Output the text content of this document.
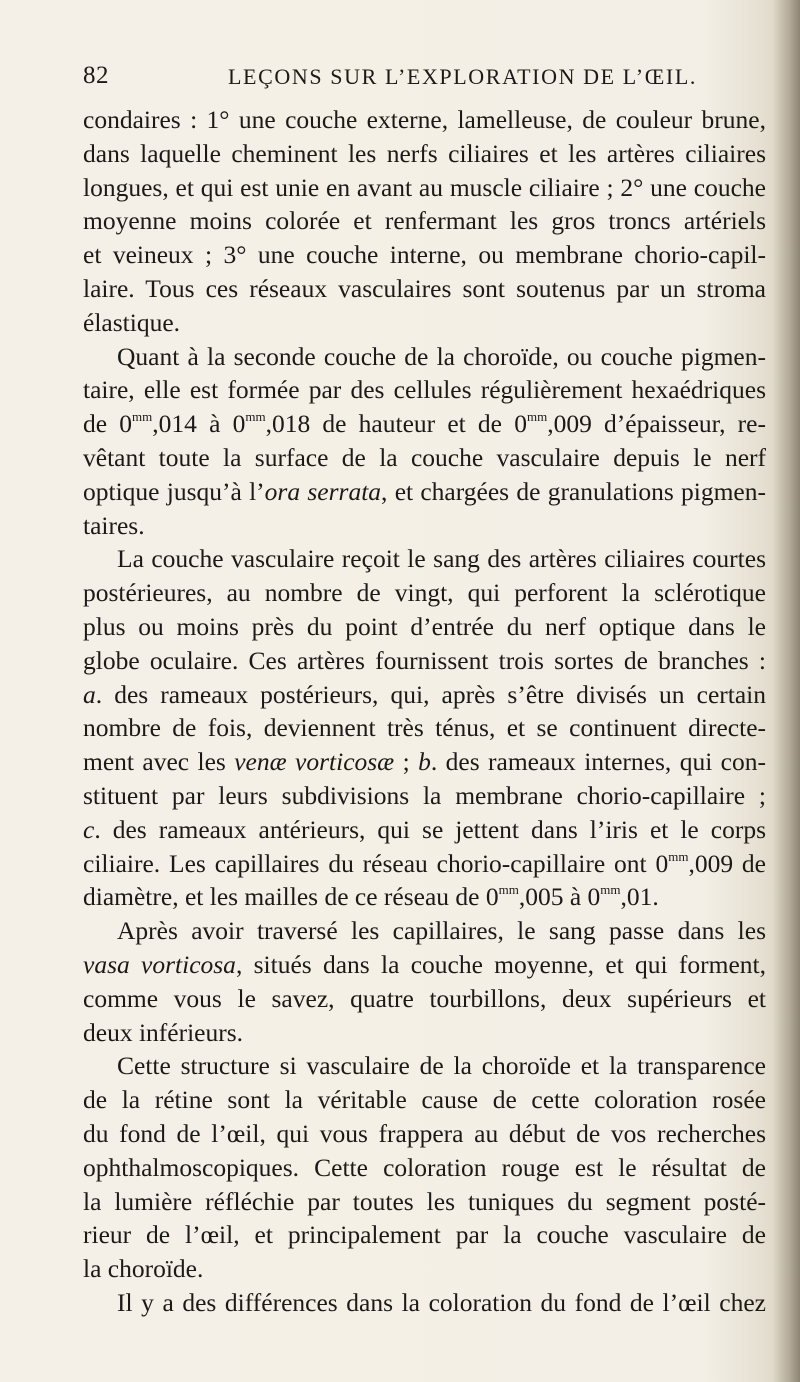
82	LEÇONS SUR L’EXPLORATION DE L’ŒIL.
condaires : 1° une couche externe, lamelleuse, de couleur brune,
dans laquelle cheminent les nerfs ciliaires et les artères ciliaires
longues, et qui est unie en avant au muscle ciliaire ; 2° une couche
moyenne moins colorée et renfermant les gros troncs artériels
et veineux ; 3° une couche interne, ou membrane chorio-capil-
laire. Tous ces réseaux vasculaires sont soutenus par un stroma
élastique.
Quant à la seconde couche de la choroïde, ou couche pigmen-
taire, elle est formée par des cellules régulièrement hexaédriques
de $0^{mm},014$ à $0^{mm},018$ de hauteur et de $0^{mm},009$ d’épaisseur, re-
vêtant toute la surface de la couche vasculaire depuis le nerf
optique jusqu’à l’ora serrata, et chargées de granulations pigmen-
taires.
La couche vasculaire reçoit le sang des artères ciliaires courtes
postérieures, au nombre de vingt, qui perforent la sclérotique
plus ou moins près du point d’entrée du nerf optique dans le
globe oculaire. Ces artères fournissent trois sortes de branches :
a. des rameaux postérieurs, qui, après s’être divisés un certain
nombre de fois, deviennent très ténus, et se continuent directe-
ment avec les venæ vorticosæ ; b. des rameaux internes, qui con-
stituent par leurs subdivisions la membrane chorio-capillaire ;
c. des rameaux antérieurs, qui se jettent dans l’iris et le corps
ciliaire. Les capillaires du réseau chorio-capillaire ont $0^{mm},009$ de
diamètre, et les mailles de ce réseau de $0^{mm},005$ à $0^{mm},01$.
Après avoir traversé les capillaires, le sang passe dans les
vasa vorticosa, situés dans la couche moyenne, et qui forment,
comme vous le savez, quatre tourbillons, deux supérieurs et
deux inférieurs.
Cette structure si vasculaire de la choroïde et la transparence
de la rétine sont la véritable cause de cette coloration rosée
du fond de l’œil, qui vous frappera au début de vos recherches
ophthalmoscopiques. Cette coloration rouge est le résultat de
la lumière réfléchie par toutes les tuniques du segment posté-
rieur de l’œil, et principalement par la couche vasculaire de
la choroïde.
Il y a des différences dans la coloration du fond de l’œil chez
